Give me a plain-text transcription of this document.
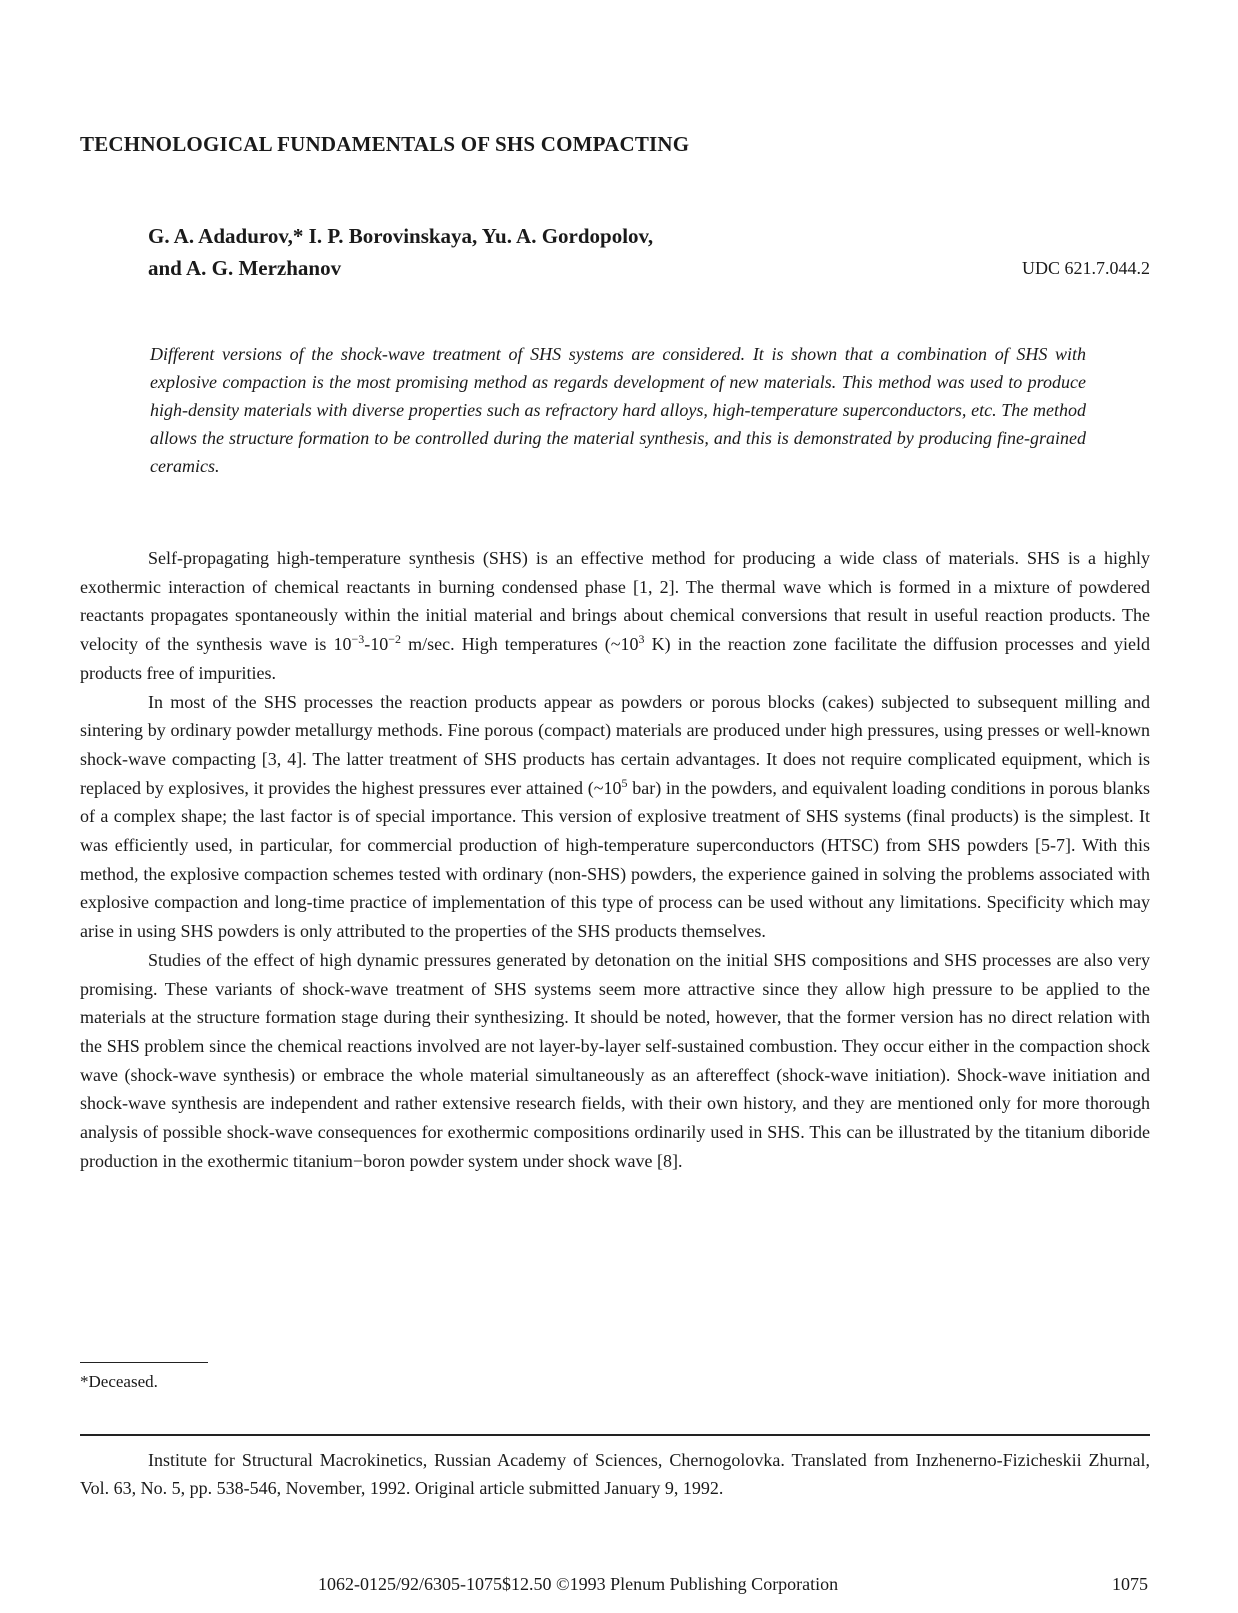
TECHNOLOGICAL FUNDAMENTALS OF SHS COMPACTING
G. A. Adadurov,* I. P. Borovinskaya, Yu. A. Gordopolov,
and A. G. Merzhanov	UDC 621.7.044.2

Different versions of the shock-wave treatment of SHS systems are considered. It is shown that a combination of SHS with explosive compaction is the most promising method as regards development of new materials. This method was used to produce high-density materials with diverse properties such as refractory hard alloys, high-temperature superconductors, etc. The method allows the structure formation to be controlled during the material synthesis, and this is demonstrated by producing fine-grained ceramics.

Self-propagating high-temperature synthesis (SHS) is an effective method for producing a wide class of materials. SHS is a highly exothermic interaction of chemical reactants in burning condensed phase [1, 2]. The thermal wave which is formed in a mixture of powdered reactants propagates spontaneously within the initial material and brings about chemical conversions that result in useful reaction products. The velocity of the synthesis wave is $10^{-3}-10^{-2}$ m/sec. High temperatures ($\sim 10^3$ K) in the reaction zone facilitate the diffusion processes and yield products free of impurities.

In most of the SHS processes the reaction products appear as powders or porous blocks (cakes) subjected to subsequent milling and sintering by ordinary powder metallurgy methods. Fine porous (compact) materials are produced under high pressures, using presses or well-known shock-wave compacting [3, 4]. The latter treatment of SHS products has certain advantages. It does not require complicated equipment, which is replaced by explosives, it provides the highest pressures ever attained ($\sim 10^5$ bar) in the powders, and equivalent loading conditions in porous blanks of a complex shape; the last factor is of special importance. This version of explosive treatment of SHS systems (final products) is the simplest. It was efficiently used, in particular, for commercial production of high-temperature superconductors (HTSC) from SHS powders [5-7]. With this method, the explosive compaction schemes tested with ordinary (non-SHS) powders, the experience gained in solving the problems associated with explosive compaction and long-time practice of implementation of this type of process can be used without any limitations. Specificity which may arise in using SHS powders is only attributed to the properties of the SHS products themselves.

Studies of the effect of high dynamic pressures generated by detonation on the initial SHS compositions and SHS processes are also very promising. These variants of shock-wave treatment of SHS systems seem more attractive since they allow high pressure to be applied to the materials at the structure formation stage during their synthesizing. It should be noted, however, that the former version has no direct relation with the SHS problem since the chemical reactions involved are not layer-by-layer self-sustained combustion. They occur either in the compaction shock wave (shock-wave synthesis) or embrace the whole material simultaneously as an aftereffect (shock-wave initiation). Shock-wave initiation and shock-wave synthesis are independent and rather extensive research fields, with their own history, and they are mentioned only for more thorough analysis of possible shock-wave consequences for exothermic compositions ordinarily used in SHS. This can be illustrated by the titanium diboride production in the exothermic titanium−boron powder system under shock wave [8].

*Deceased.

Institute for Structural Macrokinetics, Russian Academy of Sciences, Chernogolovka. Translated from Inzhenerno-Fizicheskii Zhurnal, Vol. 63, No. 5, pp. 538-546, November, 1992. Original article submitted January 9, 1992.

1062-0125/92/6305-1075$12.50 ©1993 Plenum Publishing Corporation	1075
